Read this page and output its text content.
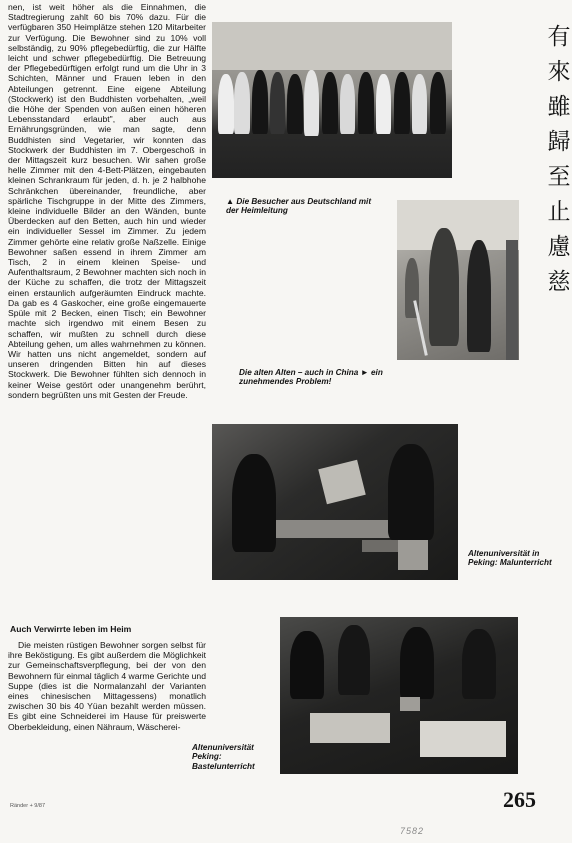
nen, ist weit höher als die Einnahmen, die Stadtregierung zahlt 60 bis 70% dazu. Für die verfügbaren 350 Heimplätze stehen 120 Mitarbeiter zur Verfügung. Die Bewohner sind zu 10% voll selbständig, zu 90% pflegebedürftig, die zur Hälfte leicht und schwer pflegebedürftig. Die Betreuung der Pflegebedürftigen erfolgt rund um die Uhr in 3 Schichten, Männer und Frauen leben in den Abteilungen getrennt. Eine eigene Abteilung (Stockwerk) ist den Buddhisten vorbehalten, „weil die Höhe der Spenden von außen einen höheren Lebensstandard erlaubt", aber auch aus Ernährungsgründen, wie man sagte, denn Buddhisten sind Vegetarier, wir konnten das Stockwerk der Buddhisten im 7. Obergeschoß in der Mittagszeit kurz besuchen. Wir sahen große helle Zimmer mit den 4-Bett-Plätzen, eingebauten kleinen Schrankraum für jeden, d. h. je 2 halbhohe Schränkchen übereinander, freundliche, aber spärliche Tischgruppe in der Mitte des Zimmers, kleine individuelle Bilder an den Wänden, bunte Überdecken auf den Betten, auch hin und wieder ein individueller Sessel im Zimmer. Zu jedem Zimmer gehörte eine relativ große Naßzelle. Einige Bewohner saßen essend in ihrem Zimmer am Tisch, 2 in einem kleinen Speise- und Aufenthaltsraum, 2 Bewohner machten sich noch in der Küche zu schaffen, die trotz der Mittagszeit einen erstaunlich aufgeräumten Eindruck machte. Da gab es 4 Gaskocher, eine große eingemauerte Spüle mit 2 Becken, einen Tisch; ein Bewohner machte sich irgendwo mit einem Besen zu schaffen, wir mußten zu schnell durch diese Abteilung gehen, um alles wahrnehmen zu können. Wir hatten uns nicht angemeldet, sondern auf unseren dringenden Bitten hin auf dieses Stockwerk. Die Bewohner fühlten sich dennoch in keiner Weise gestört oder unangenehm berührt, sondern begrüßten uns mit Gesten der Freude.

Auch Verwirrte leben im Heim

Die meisten rüstigen Bewohner sorgen selbst für ihre Beköstigung. Es gibt außerdem die Möglichkeit zur Gemeinschaftsverpflegung, bei der von den Bewohnern für einmal täglich 4 warme Gerichte und Suppe (dies ist die Normalanzahl der Varianten eines chinesischen Mittagessens) monatlich zwischen 30 bis 40 Yüan bezahlt werden müssen. Es gibt eine Schneiderei im Hause für preiswerte Oberbekleidung, einen Nähraum, Wäscherei-

▲ Die Besucher aus Deutschland mit der Heimleitung
Die alten Alten – auch in China ► ein zunehmendes Problem!
Altenuniversität in Peking: Malunterricht
Altenuniversität Peking: Bastelunterricht
有
來
雖
歸
至
止
慮
慈
265
Ränder + 9/87
7582
